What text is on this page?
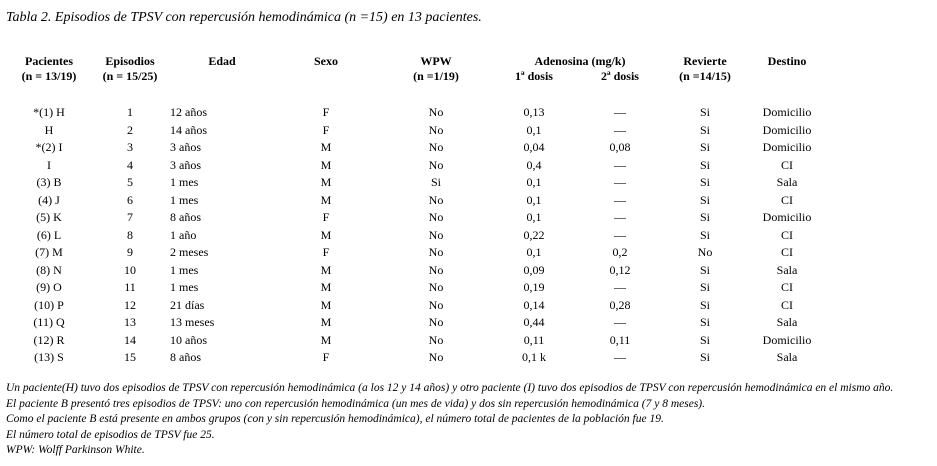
Tabla 2. Episodios de TPSV con repercusión hemodinámica (n =15) en 13 pacientes.
Pacientes	Episodios	Edad	Sexo	WPW	Adenosina (mg/k)		Revierte	Destino
(n = 13/19)	(n = 15/25)			(n =1/19)	1ª dosis	2ª dosis	(n =14/15)	
*(1) H	1	12 años	F	No	0,13	—	Si	Domicilio
H	2	14 años	F	No	0,1	—	Si	Domicilio
*(2) I	3	3 años	M	No	0,04	0,08	Si	Domicilio
I	4	3 años	M	No	0,4	—	Si	CI
(3) B	5	1 mes	M	Si	0,1	—	Si	Sala
(4) J	6	1 mes	M	No	0,1	—	Si	CI
(5) K	7	8 años	F	No	0,1	—	Si	Domicilio
(6) L	8	1 año	M	No	0,22	—	Si	CI
(7) M	9	2 meses	F	No	0,1	0,2	No	CI
(8) N	10	1 mes	M	No	0,09	0,12	Si	Sala
(9) O	11	1 mes	M	No	0,19	—	Si	CI
(10) P	12	21 días	M	No	0,14	0,28	Si	CI
(11) Q	13	13 meses	M	No	0,44	—	Si	Sala
(12) R	14	10 años	M	No	0,11	0,11	Si	Domicilio
(13) S	15	8 años	F	No	0,1 k	—	Si	Sala
Un paciente(H) tuvo dos episodios de TPSV con repercusión hemodinámica (a los 12 y 14 años) y otro paciente (I) tuvo dos episodios de TPSV con repercusión hemodinámica en el mismo año.
El paciente B presentó tres episodios de TPSV: uno con repercusión hemodinámica (un mes de vida) y dos sin repercusión hemodinámica (7 y 8 meses).
Como el paciente B está presente en ambos grupos (con y sin repercusión hemodinámica), el número total de pacientes de la población fue 19.
El número total de episodios de TPSV fue 25.
WPW: Wolff Parkinson White.
